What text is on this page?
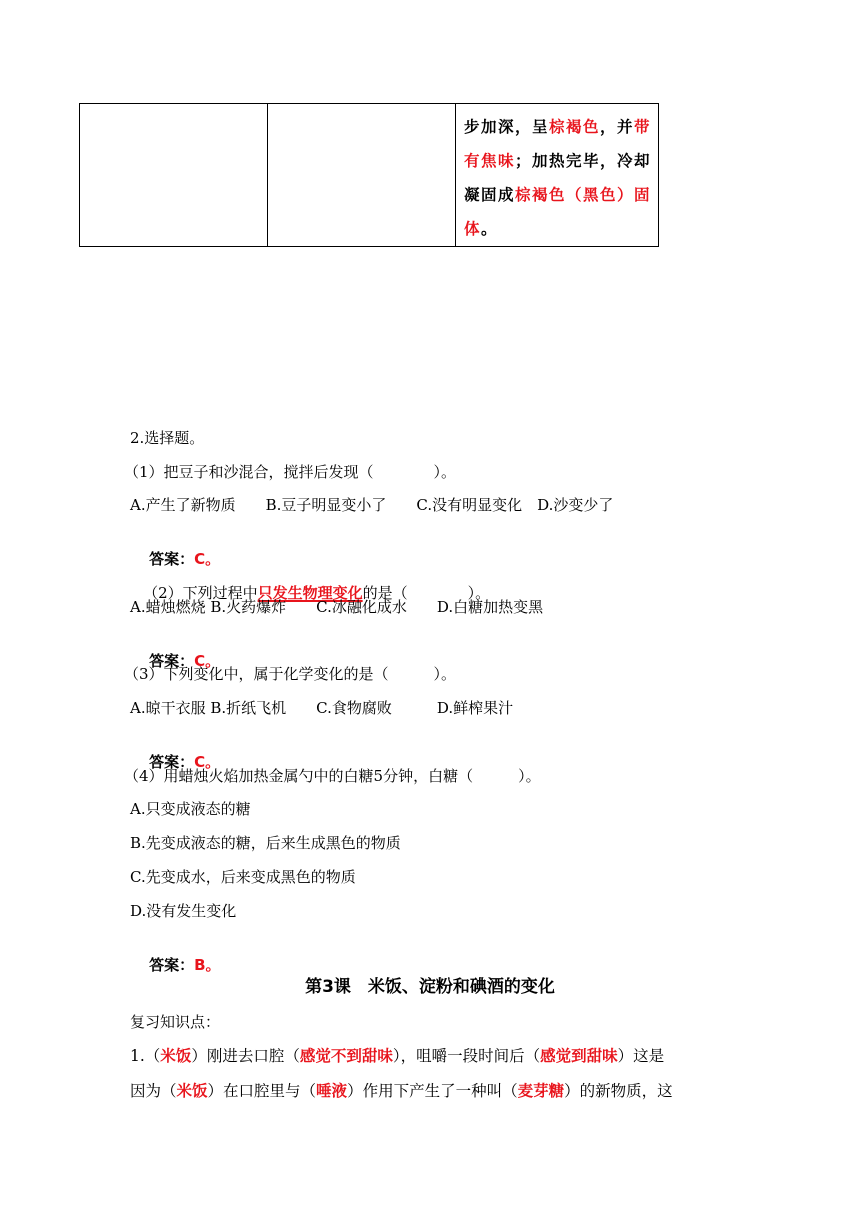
		步加深，呈棕褐色，并带有焦味；加热完毕，冷却凝固成棕褐色（黑色）固体。
2.选择题。
（1）把豆子和沙混合，搅拌后发现（　　　　）。
A.产生了新物质　　B.豆子明显变小了　　C.没有明显变化　D.沙变少了

答案：C。

（2）下列过程中只发生物理变化的是（　　　　）。

A.蜡烛燃烧 B.火药爆炸　　C.冰融化成水　　D.白糖加热变黑

答案：C。

（3）下列变化中，属于化学变化的是（　　　）。
A.晾干衣服 B.折纸飞机　　C.食物腐败　　　D.鲜榨果汁

答案：C。

（4）用蜡烛火焰加热金属勺中的白糖5分钟，白糖（　　　）。
A.只变成液态的糖
B.先变成液态的糖，后来生成黑色的物质
C.先变成水，后来变成黑色的物质
D.没有发生变化

答案：B。

第3课　米饭、淀粉和碘酒的变化
复习知识点：
1.（米饭）刚进去口腔（感觉不到甜味），咀嚼一段时间后（感觉到甜味）这是
因为（米饭）在口腔里与（唾液）作用下产生了一种叫（麦芽糖）的新物质，这
